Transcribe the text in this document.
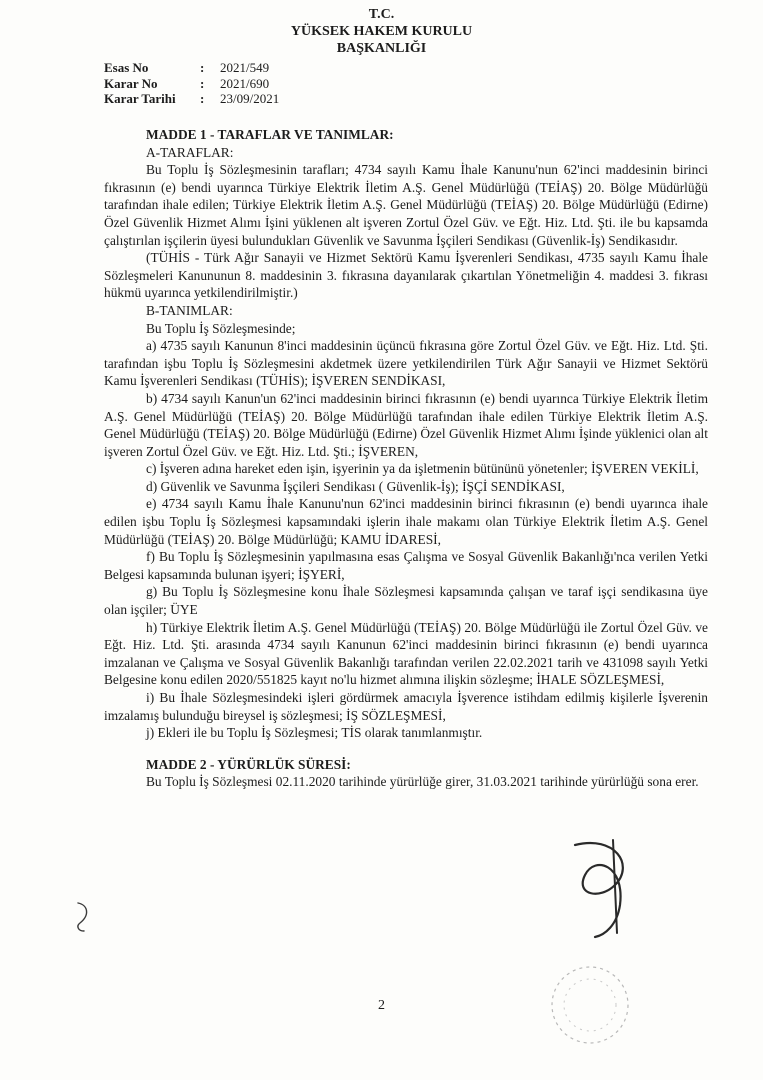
T.C.
YÜKSEK HAKEM KURULU
BAŞKANLIĞI
Esas No	:	2021/549
Karar No	:	2021/690
Karar Tarihi	:	23/09/2021
MADDE 1 - TARAFLAR VE TANIMLAR:
A-TARAFLAR:

Bu Toplu İş Sözleşmesinin tarafları; 4734 sayılı Kamu İhale Kanunu'nun 62'inci maddesinin birinci fıkrasının (e) bendi uyarınca Türkiye Elektrik İletim A.Ş. Genel Müdürlüğü (TEİAŞ) 20. Bölge Müdürlüğü tarafından ihale edilen; Türkiye Elektrik İletim A.Ş. Genel Müdürlüğü (TEİAŞ) 20. Bölge Müdürlüğü (Edirne) Özel Güvenlik Hizmet Alımı İşini yüklenen alt işveren Zortul Özel Güv. ve Eğt. Hiz. Ltd. Şti. ile bu kapsamda çalıştırılan işçilerin üyesi bulundukları Güvenlik ve Savunma İşçileri Sendikası (Güvenlik-İş) Sendikasıdır.

(TÜHİS - Türk Ağır Sanayii ve Hizmet Sektörü Kamu İşverenleri Sendikası, 4735 sayılı Kamu İhale Sözleşmeleri Kanununun 8. maddesinin 3. fıkrasına dayanılarak çıkartılan Yönetmeliğin 4. maddesi 3. fıkrası hükmü uyarınca yetkilendirilmiştir.)

B-TANIMLAR:
Bu Toplu İş Sözleşmesinde;

a) 4735 sayılı Kanunun 8'inci maddesinin üçüncü fıkrasına göre Zortul Özel Güv. ve Eğt. Hiz. Ltd. Şti. tarafından işbu Toplu İş Sözleşmesini akdetmek üzere yetkilendirilen Türk Ağır Sanayii ve Hizmet Sektörü Kamu İşverenleri Sendikası (TÜHİS); İŞVEREN SENDİKASI,

b) 4734 sayılı Kanun'un 62'inci maddesinin birinci fıkrasının (e) bendi uyarınca Türkiye Elektrik İletim A.Ş. Genel Müdürlüğü (TEİAŞ) 20. Bölge Müdürlüğü tarafından ihale edilen Türkiye Elektrik İletim A.Ş. Genel Müdürlüğü (TEİAŞ) 20. Bölge Müdürlüğü (Edirne) Özel Güvenlik Hizmet Alımı İşinde yüklenici olan alt işveren Zortul Özel Güv. ve Eğt. Hiz. Ltd. Şti.; İŞVEREN,

c) İşveren adına hareket eden işin, işyerinin ya da işletmenin bütününü yönetenler; İŞVEREN VEKİLİ,

d) Güvenlik ve Savunma İşçileri Sendikası ( Güvenlik-İş); İŞÇİ SENDİKASI,

e) 4734 sayılı Kamu İhale Kanunu'nun 62'inci maddesinin birinci fıkrasının (e) bendi uyarınca ihale edilen işbu Toplu İş Sözleşmesi kapsamındaki işlerin ihale makamı olan Türkiye Elektrik İletim A.Ş. Genel Müdürlüğü (TEİAŞ) 20. Bölge Müdürlüğü; KAMU İDARESİ,

f) Bu Toplu İş Sözleşmesinin yapılmasına esas Çalışma ve Sosyal Güvenlik Bakanlığı'nca verilen Yetki Belgesi kapsamında bulunan işyeri; İŞYERİ,

g) Bu Toplu İş Sözleşmesine konu İhale Sözleşmesi kapsamında çalışan ve taraf işçi sendikasına üye olan işçiler; ÜYE

h) Türkiye Elektrik İletim A.Ş. Genel Müdürlüğü (TEİAŞ) 20. Bölge Müdürlüğü ile Zortul Özel Güv. ve Eğt. Hiz. Ltd. Şti. arasında 4734 sayılı Kanunun 62'inci maddesinin birinci fıkrasının (e) bendi uyarınca imzalanan ve Çalışma ve Sosyal Güvenlik Bakanlığı tarafından verilen 22.02.2021 tarih ve 431098 sayılı Yetki Belgesine konu edilen 2020/551825 kayıt no'lu hizmet alımına ilişkin sözleşme; İHALE SÖZLEŞMESİ,

i) Bu İhale Sözleşmesindeki işleri gördürmek amacıyla İşverence istihdam edilmiş kişilerle İşverenin imzalamış bulunduğu bireysel iş sözleşmesi; İŞ SÖZLEŞMESİ,

j) Ekleri ile bu Toplu İş Sözleşmesi; TİS olarak tanımlanmıştır.

MADDE 2 - YÜRÜRLÜK SÜRESİ:

Bu Toplu İş Sözleşmesi 02.11.2020 tarihinde yürürlüğe girer, 31.03.2021 tarihinde yürürlüğü sona erer.

2
